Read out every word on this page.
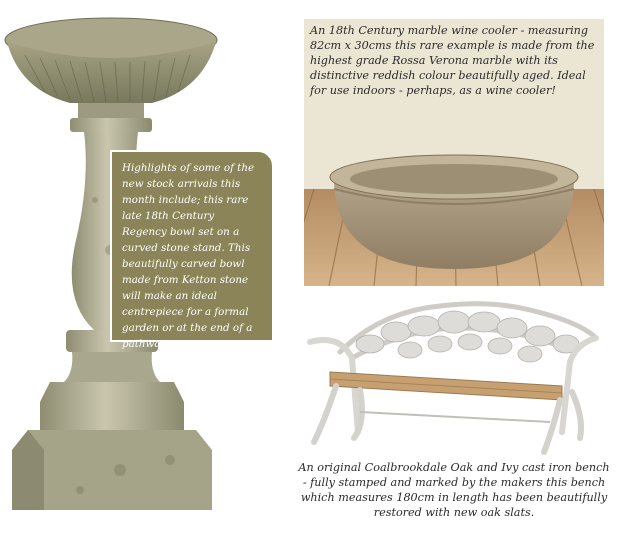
Highlights of some of the new stock arrivals this month include; this rare late 18th Century Regency bowl set on a curved stone stand. This beautifully carved bowl made from Ketton stone will make an ideal centrepiece for a formal garden or at the end of a pathway.
An 18th Century marble wine cooler - measuring 82cm x 30cms this rare example is made from the highest grade Rossa Verona marble with its distinctive reddish colour beautifully aged. Ideal for use indoors - perhaps, as a wine cooler!
An original Coalbrookdale Oak and Ivy cast iron bench - fully stamped and marked by the makers this bench which measures 180cm in length has been beautifully restored with new oak slats.
